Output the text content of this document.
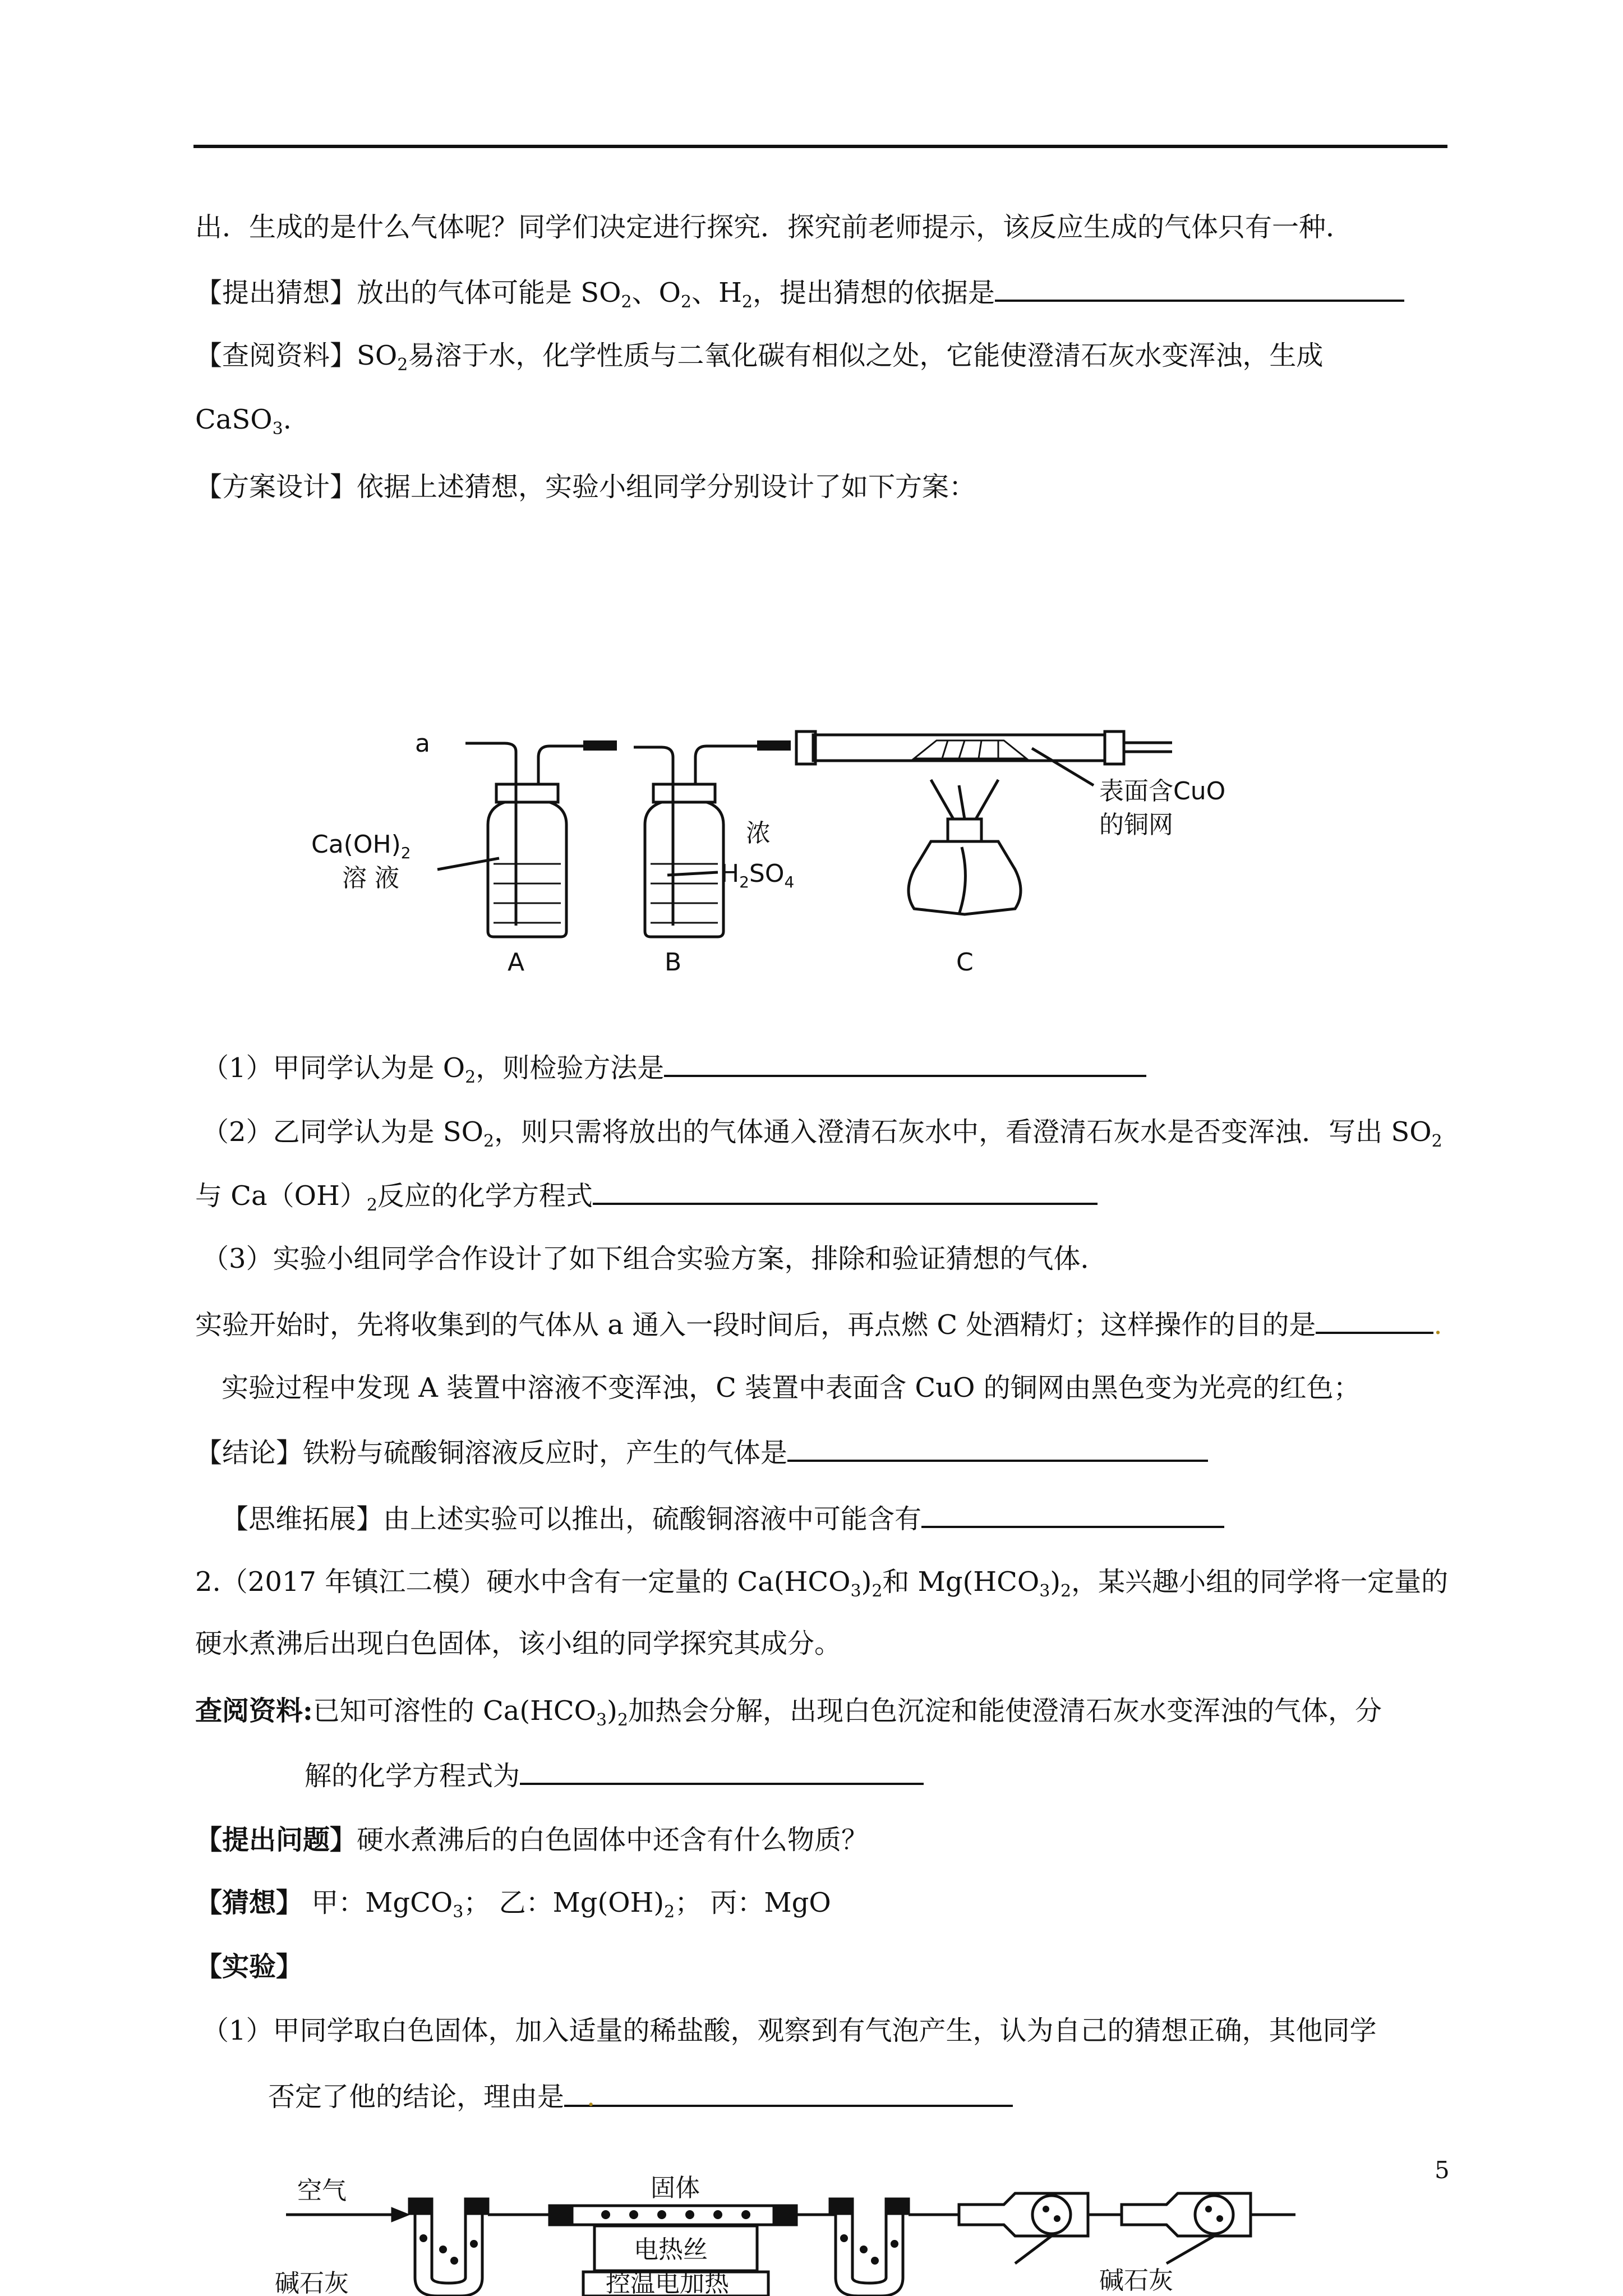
出．生成的是什么气体呢？同学们决定进行探究．探究前老师提示，该反应生成的气体只有一种．
【提出猜想】放出的气体可能是 $SO_2$、$O_2$、$H_2$，提出猜想的依据是
【查阅资料】$SO_2$易溶于水，化学性质与二氧化碳有相似之处，它能使澄清石灰水变浑浊，生成
CaSO$_3$.
【方案设计】依据上述猜想，实验小组同学分别设计了如下方案：
a
$Ca(OH)_2$
溶 液
浓
$H_2SO_4$
表面含CuO
的铜网
A	B	C
（1）甲同学认为是 $O_2$，则检验方法是
（2）乙同学认为是 $SO_2$，则只需将放出的气体通入澄清石灰水中，看澄清石灰水是否变浑浊．写出 $SO_2$
与 $Ca(OH)_2$反应的化学方程式
（3）实验小组同学合作设计了如下组合实验方案，排除和验证猜想的气体．
实验开始时，先将收集到的气体从 a 通入一段时间后，再点燃 C 处酒精灯；这样操作的目的是	.
实验过程中发现 A 装置中溶液不变浑浊，C 装置中表面含 CuO 的铜网由黑色变为光亮的红色；
【结论】铁粉与硫酸铜溶液反应时，产生的气体是
【思维拓展】由上述实验可以推出，硫酸铜溶液中可能含有
2.（2017 年镇江二模）硬水中含有一定量的 $Ca(HCO_3)_2$和 $Mg(HCO_3)_2$，某兴趣小组的同学将一定量的
硬水煮沸后出现白色固体，该小组的同学探究其成分。
查阅资料:已知可溶性的 $Ca(HCO_3)_2$加热会分解，出现白色沉淀和能使澄清石灰水变浑浊的气体，分
解的化学方程式为
【提出问题】硬水煮沸后的白色固体中还含有什么物质？
【猜想】 甲：MgCO$_3$； 乙：$Mg(OH)_2$； 丙：MgO
【实验】
（1）甲同学取白色固体，加入适量的稀盐酸，观察到有气泡产生，认为自己的猜想正确，其他同学
否定了他的结论，理由是 .
5
空气	固体
电热丝
控温电加热
碱石灰	碱石灰
